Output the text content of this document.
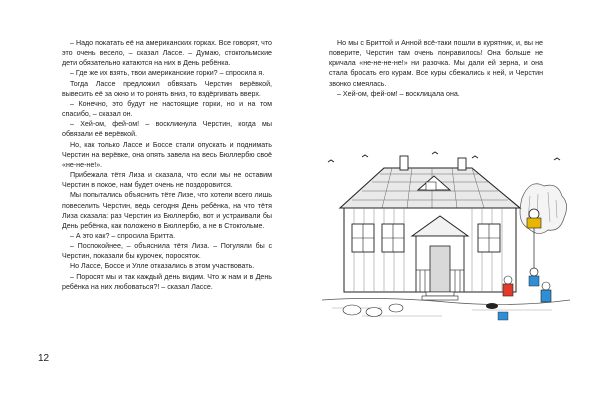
– Надо покатать её на американских горках. Все говорят, что это очень весело, – сказал Лассе. – Думаю, стокгольмские дети обязательно катаются на них в День ребёнка.

– Где же их взять, твои американские горки? – спросила я.

Тогда Лассе предложил обвязать Черстин верёвкой, вывесить её за окно и то ронять вниз, то вздёргивать вверх.

– Конечно, это будут не настоящие горки, но и на том спасибо, – сказал он.

– Хей-ом, фей-ом! – воскликнула Черстин, когда мы обвязали её верёвкой.

Но, как только Лассе и Боссе стали опускать и поднимать Черстин на верёвке, она опять завела на весь Бюллербю своё «не-не-не!».

Прибежала тётя Лиза и сказала, что если мы не оставим Черстин в покое, нам будет очень не поздоровится.

Мы попытались объяснить тёте Лизе, что хотели всего лишь повеселить Черстин, ведь сегодня День ребёнка, на что тётя Лиза сказала: раз Черстин из Бюллербю, вот и устраивали бы День ребёнка, как положено в Бюллербю, а не в Стокгольме.

– А это как? – спросила Бритта.

– Поспокойнее, – объяснила тётя Лиза. – Погуляли бы с Черстин, показали бы курочек, поросяток.

Но Лассе, Боссе и Улле отказались в этом участвовать.

– Поросят мы и так каждый день видим. Что ж нам и в День ребёнка на них любоваться?! – сказал Лассе.

Но мы с Бриттой и Анной всё-таки пошли в курятник, и, вы не поверите, Черстин там очень понравилось! Она больше не кричала «не-не-не-не!» ни разочка. Мы дали ей зерна, и она стала бросать его курам. Все куры сбежались к ней, и Черстин звонко смеялась.

– Хей-ом, фей-ом! – восклицала она.

12
